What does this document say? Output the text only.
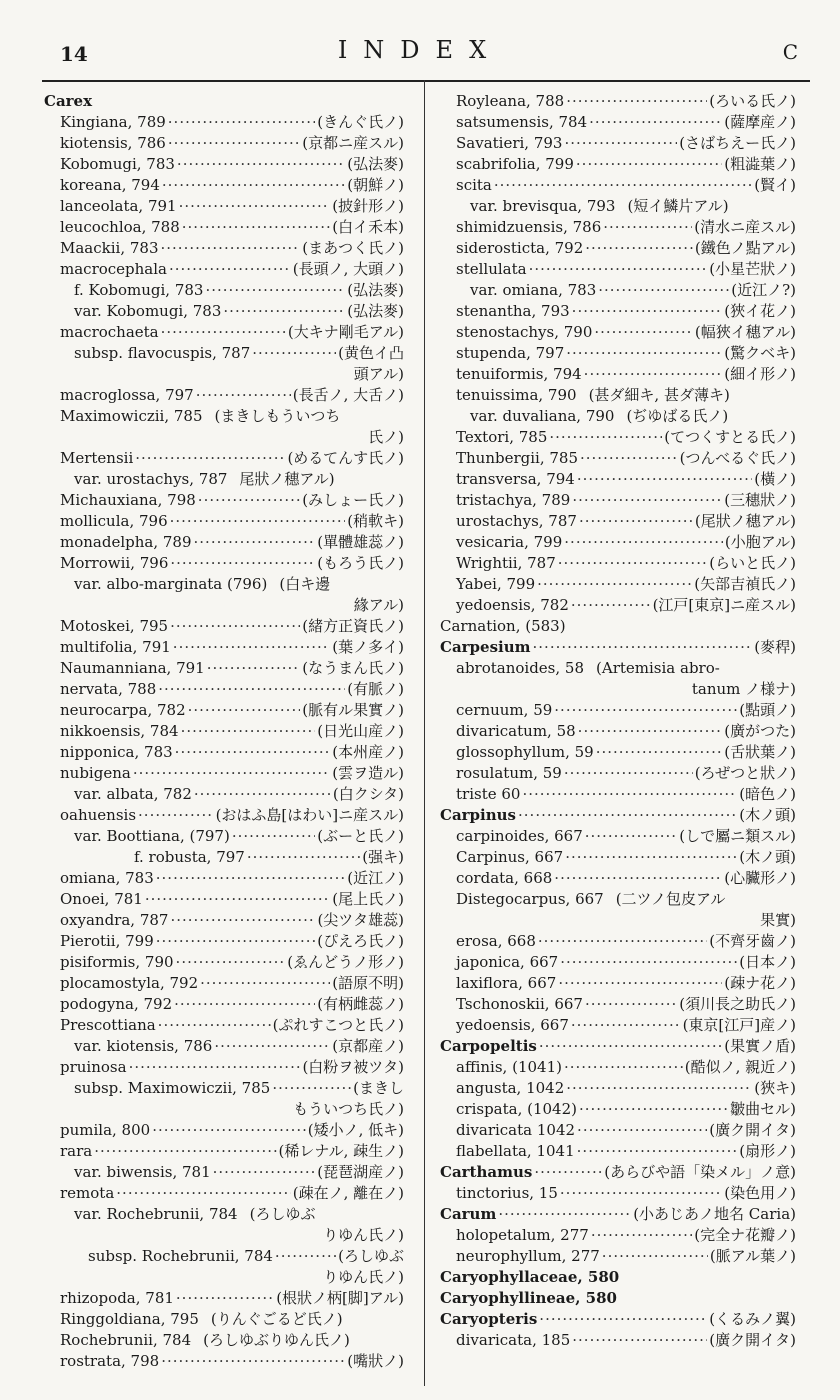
14	INDEX	C
Carex
Kingiana, 789 ·····	(きんぐ氏ノ)
kiotensis, 786 ·····	(京都ニ産スル)
Kobomugi, 783 ·····	(弘法麥)
koreana, 794 ·····	(朝鮮ノ)
lanceolata, 791 ·····	(披針形ノ)
leucochloa, 788 ·····	(白イ禾本)
Maackii, 783 ·····	(まあつく氏ノ)
macrocephala ·····	(長頭ノ, 大頭ノ)
f. Kobomugi, 783 ·····	(弘法麥)
var. Kobomugi, 783 ·····	(弘法麥)
macrochaeta ·····	(大キナ剛毛アル)
subsp. flavocuspis, 787 ·····	(黄色イ凸
頭アル)
macroglossa, 797 ·····	(長舌ノ, 大舌ノ)
Maximowiczii, 785 (まきしもういつち
氏ノ)
Mertensii ·····	(めるてんす氏ノ)
var. urostachys, 787 尾狀ノ穗アル)
Michauxiana, 798 ·····	(みしょー氏ノ)
mollicula, 796 ·····	(稍軟キ)
monadelpha, 789 ·····	(單體雄蕊ノ)
Morrowii, 796 ·····	(もろう氏ノ)
var. albo-marginata (796) (白キ邊
緣アル)
Motoskei, 795 ·····	(緒方正資氏ノ)
multifolia, 791 ·····	(葉ノ多イ)
Naumanniana, 791 ·····	(なうまん氏ノ)
nervata, 788 ·····	(有脈ノ)
neurocarpa, 782 ·····	(脈有ル果實ノ)
nikkoensis, 784 ·····	(日光山産ノ)
nipponica, 783 ·····	(本州産ノ)
nubigena ·····	(雲ヲ造ル)
var. albata, 782 ·····	(白クシタ)
oahuensis ·····	(おはふ島[はわい]ニ産スル)
var. Boottiana, (797) ·····	(ぶーと氏ノ)
f. robusta, 797 ·····	(强キ)
omiana, 783 ·····	(近江ノ)
Onoei, 781 ·····	(尾上氏ノ)
oxyandra, 787 ·····	(尖ツタ雄蕊)
Pierotii, 799 ·····	(ぴえろ氏ノ)
pisiformis, 790 ·····	(ゑんどうノ形ノ)
plocamostyla, 792 ·····	(語原不明)
podogyna, 792 ·····	(有柄雌蕊ノ)
Prescottiana ·····	(ぷれすこつと氏ノ)
var. kiotensis, 786 ·····	(京都産ノ)
pruinosa ·····	(白粉ヲ被ツタ)
subsp. Maximowiczii, 785 ·····	(まきし
もういつち氏ノ)
pumila, 800 ·····	(矮小ノ, 低キ)
rara ·····	(稀レナル, 疎生ノ)
var. biwensis, 781 ·····	(琵琶湖産ノ)
remota ·····	(疎在ノ, 離在ノ)
var. Rochebrunii, 784 (ろしゆぶ
りゆん氏ノ)
subsp. Rochebrunii, 784 ·····	(ろしゆぶ
りゆん氏ノ)
rhizopoda, 781 ·····	(根狀ノ柄[脚]アル)
Ringgoldiana, 795 (りんぐごるど氏ノ)
Rochebrunii, 784 (ろしゆぶりゆん氏ノ)
rostrata, 798 ·····	(嘴狀ノ)
Royleana, 788 ·····	(ろいる氏ノ)
satsumensis, 784 ·····	(薩摩産ノ)
Savatieri, 793 ·····	(さばちえー氏ノ)
scabrifolia, 799 ·····	(粗澁葉ノ)
scita ·····	(賢イ)
var. brevisqua, 793 (短イ鱗片アル)
shimidzuensis, 786 ·····	(清水ニ産スル)
siderosticta, 792 ·····	(鐵色ノ點アル)
stellulata ·····	(小星芒狀ノ)
var. omiana, 783 ·····	(近江ノ?)
stenantha, 793 ·····	(狹イ花ノ)
stenostachys, 790 ·····	(幅狹イ穗アル)
stupenda, 797 ·····	(驚クベキ)
tenuiformis, 794 ·····	(細イ形ノ)
tenuissima, 790 (甚ダ細キ, 甚ダ薄キ)
var. duvaliana, 790 (ぢゆばる氏ノ)
Textori, 785 ·····	(てつくすとる氏ノ)
Thunbergii, 785 ·····	(つんべるぐ氏ノ)
transversa, 794 ·····	(橫ノ)
tristachya, 789 ·····	(三穗狀ノ)
urostachys, 787 ·····	(尾狀ノ穗アル)
vesicaria, 799 ·····	(小胞アル)
Wrightii, 787 ·····	(らいと氏ノ)
Yabei, 799 ·····	(矢部吉禎氏ノ)
yedoensis, 782 ·····	(江戸[東京]ニ産スル)
Carnation, (583)
Carpesium ·····	(麥稈)
abrotanoides, 58 (Artemisia abro-
tanum ノ様ナ)
cernuum, 59 ·····	(點頭ノ)
divaricatum, 58 ·····	(廣がつた)
glossophyllum, 59 ·····	(舌狀葉ノ)
rosulatum, 59 ·····	(ろぜつと狀ノ)
triste 60 ·····	(暗色ノ)
Carpinus ·····	(木ノ頭)
carpinoides, 667 ·····	(しで屬ニ類スル)
Carpinus, 667 ·····	(木ノ頭)
cordata, 668 ·····	(心臟形ノ)
Distegocarpus, 667 (二ツノ包皮アル
果實)
erosa, 668 ·····	(不齊牙齒ノ)
japonica, 667 ·····	(日本ノ)
laxiflora, 667 ·····	(疎ナ花ノ)
Tschonoskii, 667 ·····	(須川長之助氏ノ)
yedoensis, 667 ·····	(東京[江戸]産ノ)
Carpopeltis ·····	(果實ノ盾)
affinis, (1041) ·····	(酷似ノ, 親近ノ)
angusta, 1042 ·····	(狹キ)
crispata, (1042) ·····	皺曲セル)
divaricata 1042 ·····	(廣ク開イタ)
flabellata, 1041 ·····	(扇形ノ)
Carthamus ·····	(あらびや語「染メル」ノ意)
tinctorius, 15 ·····	(染色用ノ)
Carum ·····	(小あじあノ地名 Caria)
holopetalum, 277 ·····	(完全ナ花瓣ノ)
neurophyllum, 277 ·····	(脈アル葉ノ)
Caryophyllaceae, 580
Caryophyllineae, 580
Caryopteris ·····	(くるみノ翼)
divaricata, 185 ·····	(廣ク開イタ)
